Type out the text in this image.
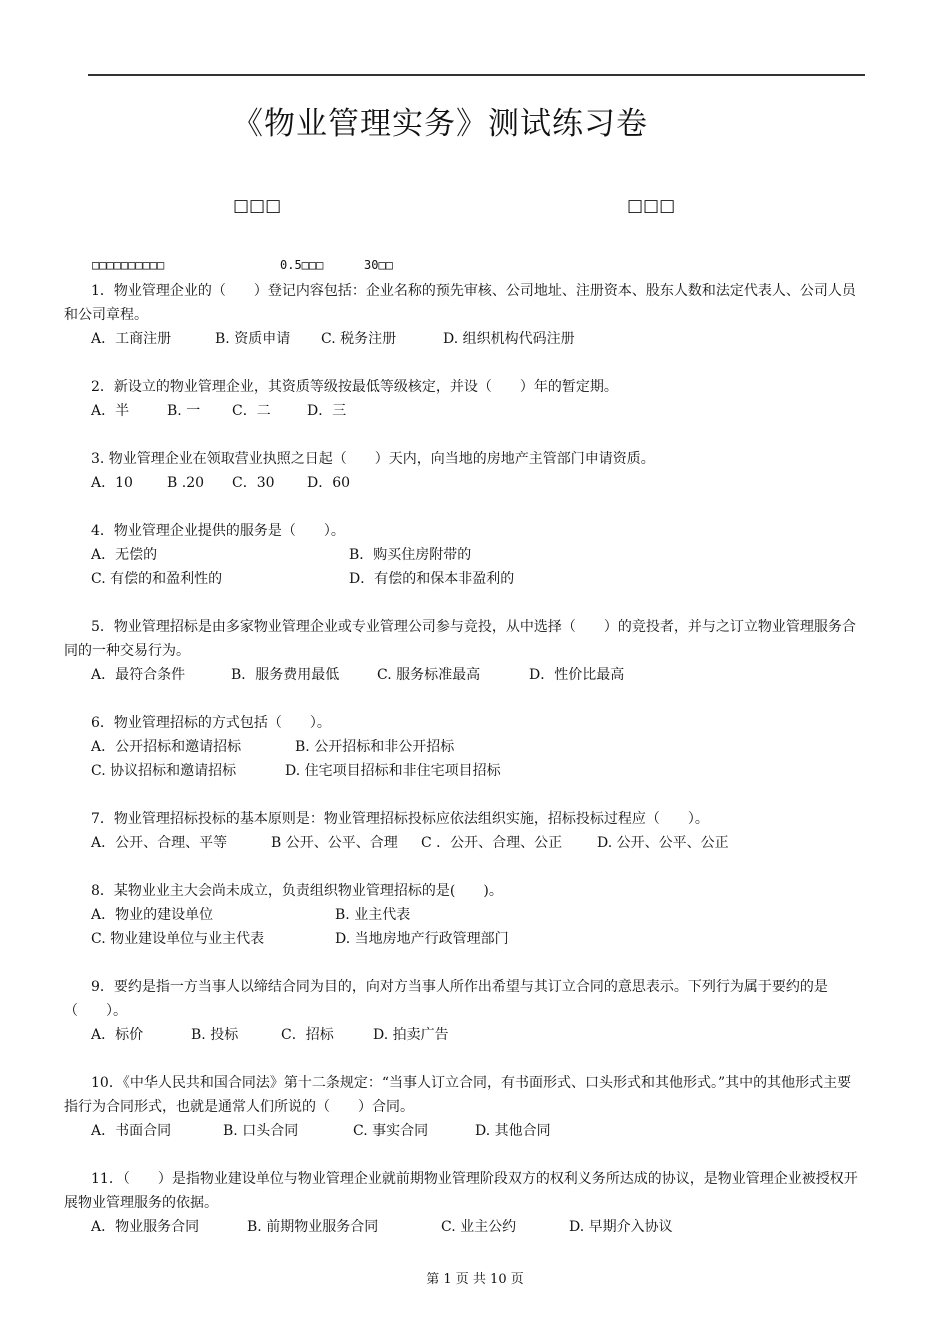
《物业管理实务》测试练习卷
□□□	□□□
□□□□□□□□□□	0.5□□□	30□□

1．物业管理企业的（　　）登记内容包括：企业名称的预先审核、公司地址、注册资本、股东人数和法定代表人、公司人员和公司章程。

A．工商注册	B. 资质申请 C. 税务注册	D. 组织机构代码注册

2．新设立的物业管理企业，其资质等级按最低等级核定，并设（　　）年的暂定期。

A．半	B. 一 C．二	D．三

3. 物业管理企业在领取营业执照之日起（　　）天内，向当地的房地产主管部门申请资质。

A．10 B .20 C．30 D．60

4．物业管理企业提供的服务是（　　）。

A．无偿的	B．购买住房附带的
C. 有偿的和盈利性的	D．有偿的和保本非盈利的

5．物业管理招标是由多家物业管理企业或专业管理公司参与竞投，从中选择（　　）的竞投者，并与之订立物业管理服务合同的一种交易行为。

A．最符合条件	B．服务费用最低	C. 服务标准最高	D．性价比最高

6．物业管理招标的方式包括（　　）。

A．公开招标和邀请招标	B. 公开招标和非公开招标
C. 协议招标和邀请招标	D. 住宅项目招标和非住宅项目招标

7．物业管理招标投标的基本原则是：物业管理招标投标应依法组织实施，招标投标过程应（　　）。

A．公开、合理、平等	B 公开、公平、合理 C ．公开、合理、公正 D. 公开、公平、公正

8．某物业业主大会尚未成立，负责组织物业管理招标的是(　　)。

A．物业的建设单位	B. 业主代表
C. 物业建设单位与业主代表	D. 当地房地产行政管理部门

9．要约是指一方当事人以缔结合同为目的，向对方当事人所作出希望与其订立合同的意思表示。下列行为属于要约的是（　　）。

A．标价	B. 投标	C．招标	D. 拍卖广告

10．《中华人民共和国合同法》第十二条规定：“当事人订立合同，有书面形式、口头形式和其他形式。”其中的其他形式主要指行为合同形式，也就是通常人们所说的（　　）合同。

A．书面合同	B. 口头合同	C. 事实合同	D. 其他合同

11．（　　）是指物业建设单位与物业管理企业就前期物业管理阶段双方的权利义务所达成的协议，是物业管理企业被授权开展物业管理服务的依据。

A．物业服务合同	B. 前期物业服务合同	C. 业主公约	D. 早期介入协议
第 1 页 共 10 页
